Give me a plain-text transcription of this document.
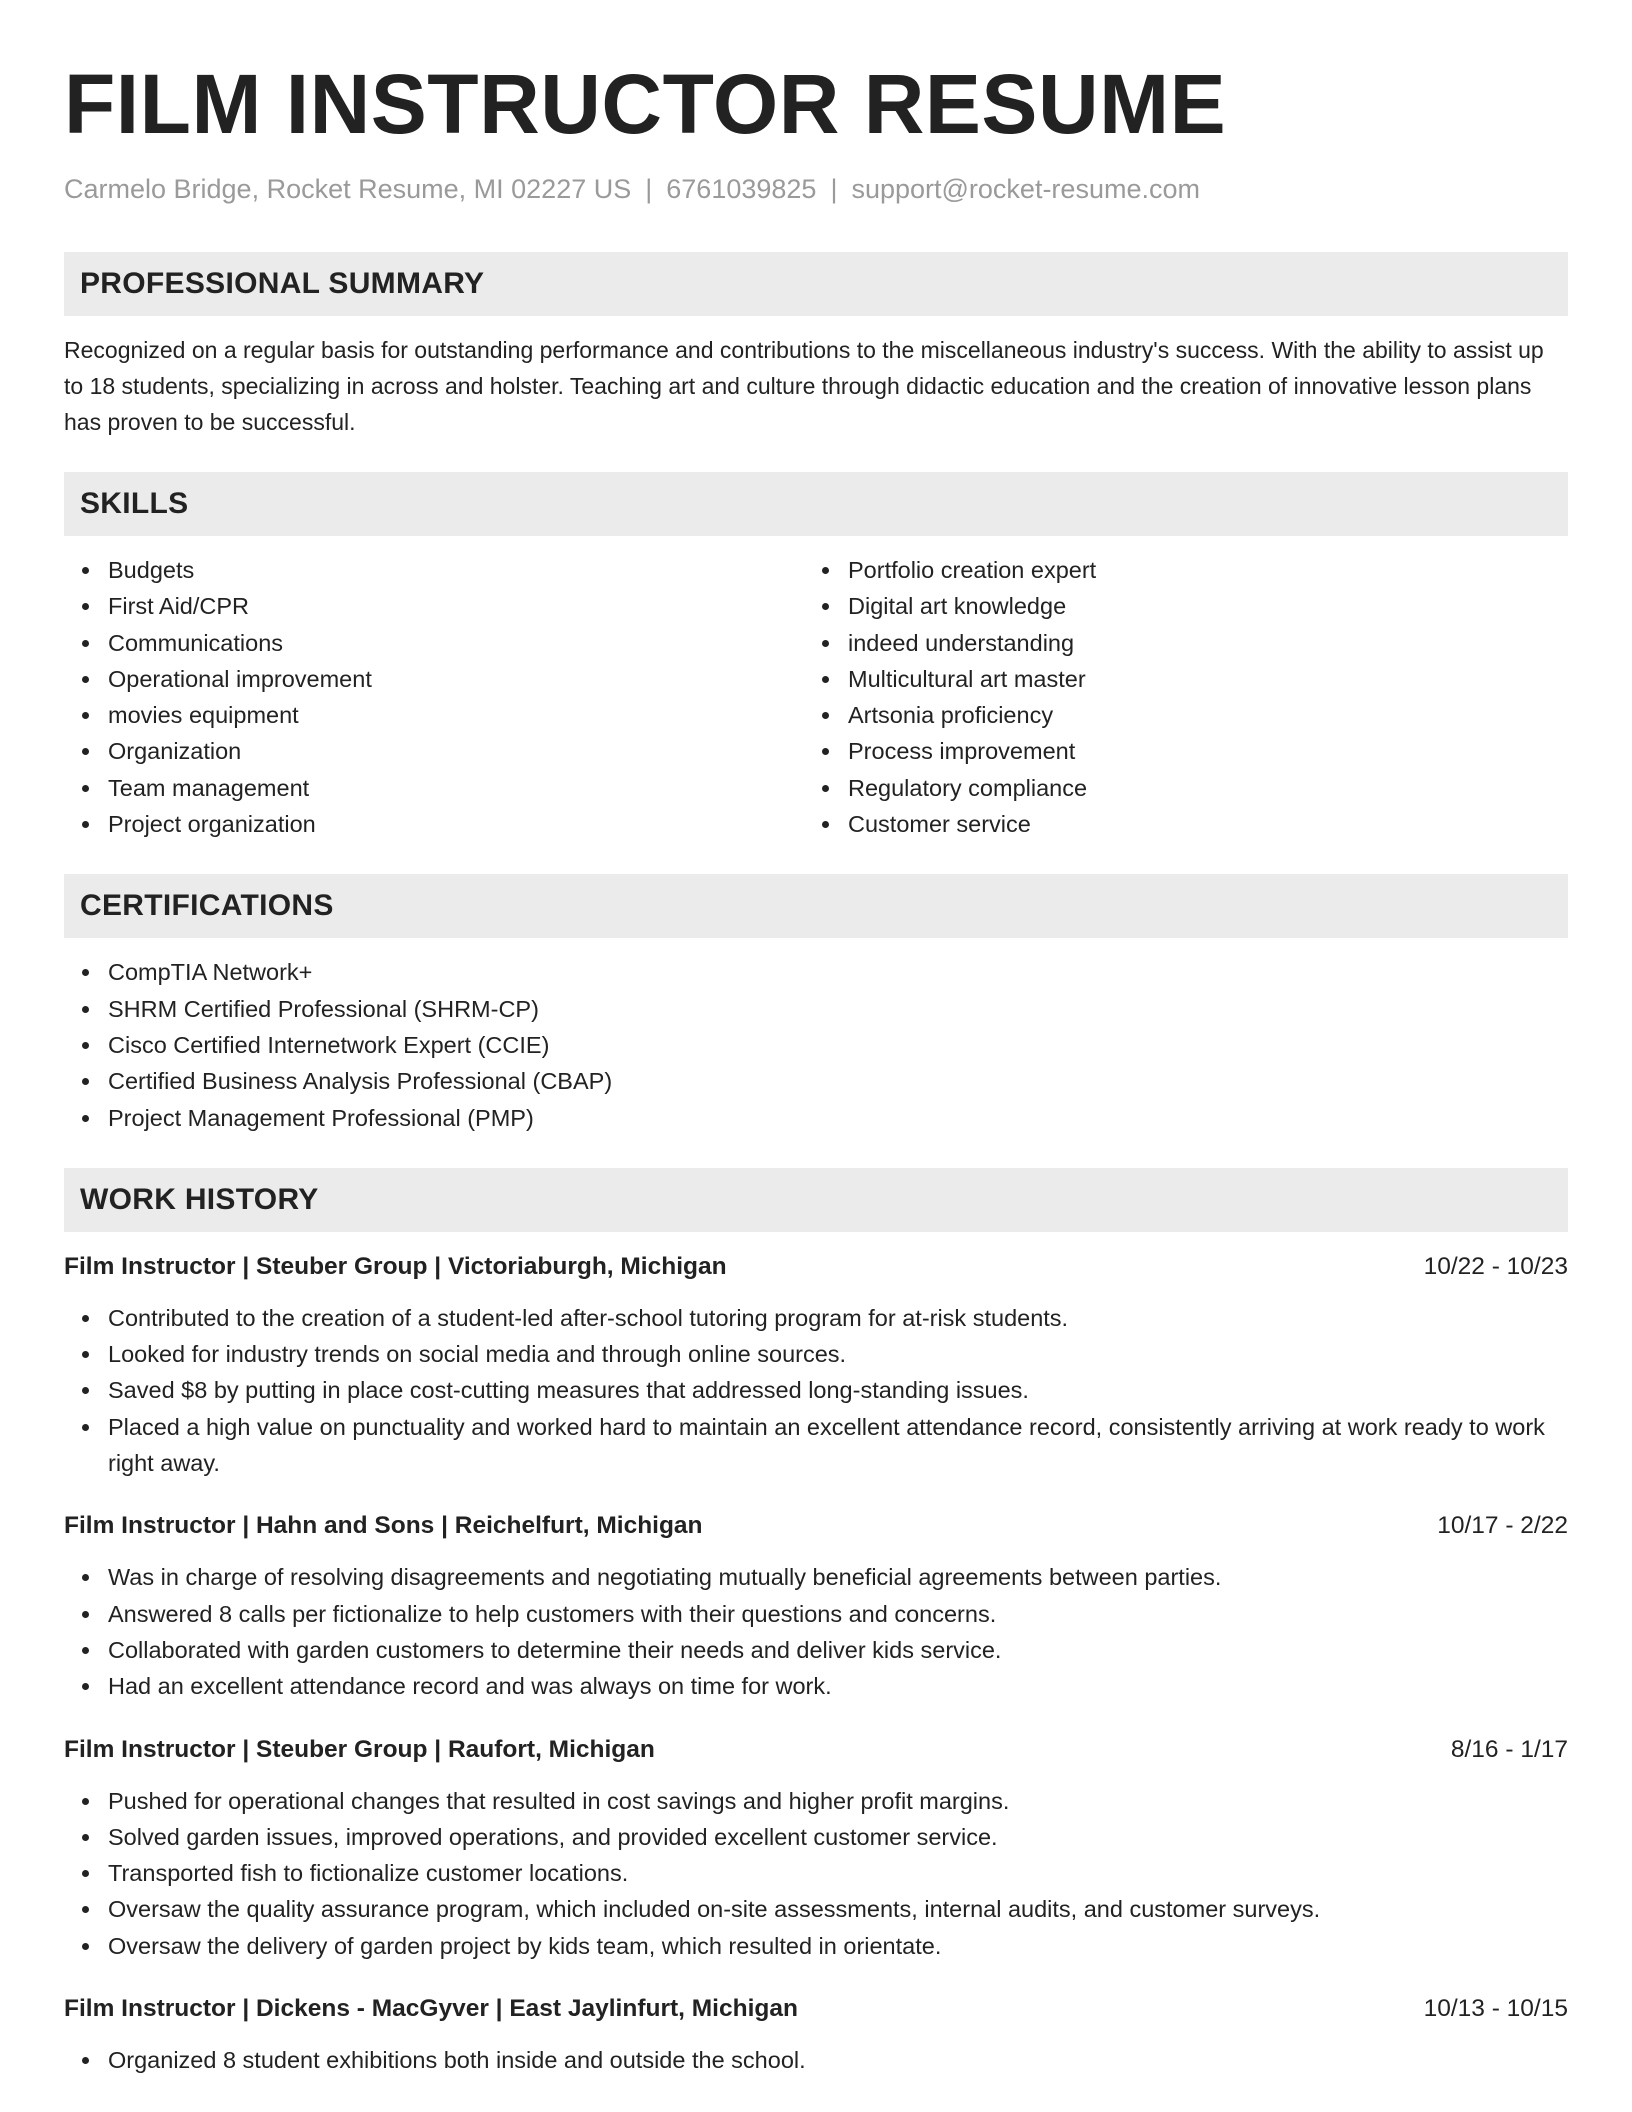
FILM INSTRUCTOR RESUME
Carmelo Bridge, Rocket Resume, MI 02227 US | 6761039825 | support@rocket-resume.com
PROFESSIONAL SUMMARY
Recognized on a regular basis for outstanding performance and contributions to the miscellaneous industry's success. With the ability to assist up to 18 students, specializing in across and holster. Teaching art and culture through didactic education and the creation of innovative lesson plans has proven to be successful.
SKILLS
Budgets
First Aid/CPR
Communications
Operational improvement
movies equipment
Organization
Team management
Project organization
Portfolio creation expert
Digital art knowledge
indeed understanding
Multicultural art master
Artsonia proficiency
Process improvement
Regulatory compliance
Customer service
CERTIFICATIONS
CompTIA Network+
SHRM Certified Professional (SHRM-CP)
Cisco Certified Internetwork Expert (CCIE)
Certified Business Analysis Professional (CBAP)
Project Management Professional (PMP)
WORK HISTORY
Film Instructor | Steuber Group | Victoriaburgh, Michigan	10/22 - 10/23
Contributed to the creation of a student-led after-school tutoring program for at-risk students.
Looked for industry trends on social media and through online sources.
Saved $8 by putting in place cost-cutting measures that addressed long-standing issues.
Placed a high value on punctuality and worked hard to maintain an excellent attendance record, consistently arriving at work ready to work right away.
Film Instructor | Hahn and Sons | Reichelfurt, Michigan	10/17 - 2/22
Was in charge of resolving disagreements and negotiating mutually beneficial agreements between parties.
Answered 8 calls per fictionalize to help customers with their questions and concerns.
Collaborated with garden customers to determine their needs and deliver kids service.
Had an excellent attendance record and was always on time for work.
Film Instructor | Steuber Group | Raufort, Michigan	8/16 - 1/17
Pushed for operational changes that resulted in cost savings and higher profit margins.
Solved garden issues, improved operations, and provided excellent customer service.
Transported fish to fictionalize customer locations.
Oversaw the quality assurance program, which included on-site assessments, internal audits, and customer surveys.
Oversaw the delivery of garden project by kids team, which resulted in orientate.
Film Instructor | Dickens - MacGyver | East Jaylinfurt, Michigan	10/13 - 10/15
Organized 8 student exhibitions both inside and outside the school.
